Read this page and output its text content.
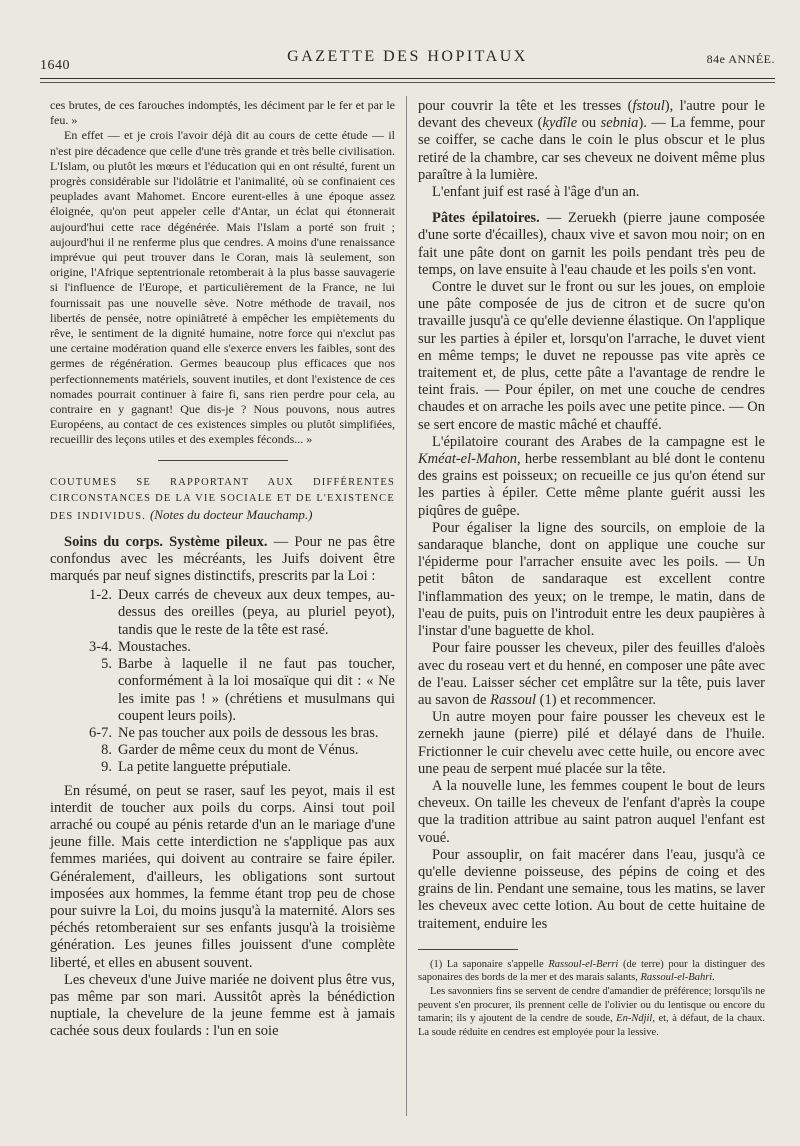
1640
GAZETTE DES HOPITAUX	84e ANNÉE.

ces brutes, de ces farouches indomptés, les déciment par le fer et par le feu. »

En effet — et je crois l'avoir déjà dit au cours de cette étude — il n'est pire décadence que celle d'une très grande et très belle civilisation. L'Islam, ou plutôt les mœurs et l'éducation qui en ont résulté, furent un progrès considérable sur l'idolâtrie et l'animalité, où se confinaient ces peuplades avant Mahomet. Encore eurent-elles à une époque assez éloignée, qu'on peut appeler celle d'Antar, un éclat qui étonnerait aujourd'hui cette race dégénérée. Mais l'Islam a porté son fruit ; aujourd'hui il ne renferme plus que cendres. A moins d'une renaissance imprévue qui peut trouver dans le Coran, mais là seulement, son origine, l'Afrique septentrionale retomberait à la plus basse sauvagerie si l'influence de l'Europe, et particulièrement de la France, ne lui fournissait pas une nouvelle sève. Notre méthode de travail, nos libertés de pensée, notre opiniâtreté à empêcher les empiètements du rêve, le sentiment de la dignité humaine, notre force qui n'exclut pas une certaine modération quand elle s'exerce envers les faibles, sont des germes de régénération. Germes beaucoup plus efficaces que nos perfectionnements matériels, souvent inutiles, et dont l'existence de ces nomades pourrait continuer à faire fi, sans rien perdre pour cela, au contraire en y gagnant! Que dis-je ? Nous pouvons, nous autres Européens, au contact de ces existences simples ou plutôt simplifiées, recueillir des leçons utiles et des exemples féconds... »

COUTUMES SE RAPPORTANT AUX DIFFÉRENTES CIRCONSTANCES DE LA VIE SOCIALE ET DE L'EXISTENCE DES INDIVIDUS. (Notes du docteur Mauchamp.)

Soins du corps. Système pileux. — Pour ne pas être confondus avec les mécréants, les Juifs doivent être marqués par neuf signes distinctifs, prescrits par la Loi :

1-2. Deux carrés de cheveux aux deux tempes, au-dessus des oreilles (peya, au pluriel peyot), tandis que le reste de la tête est rasé.
3-4. Moustaches.
5. Barbe à laquelle il ne faut pas toucher, conformément à la loi mosaïque qui dit : « Ne les imite pas ! » (chrétiens et musulmans qui coupent leurs poils).
6-7. Ne pas toucher aux poils de dessous les bras.
8. Garder de même ceux du mont de Vénus.
9. La petite languette préputiale.

En résumé, on peut se raser, sauf les peyot, mais il est interdit de toucher aux poils du corps. Ainsi tout poil arraché ou coupé au pénis retarde d'un an le mariage d'une jeune fille. Mais cette interdiction ne s'applique pas aux femmes mariées, qui doivent au contraire se faire épiler. Généralement, d'ailleurs, les obligations sont surtout imposées aux hommes, la femme étant trop peu de chose pour suivre la Loi, du moins jusqu'à la maternité. Alors ses péchés retomberaient sur ses enfants jusqu'à la troisième génération. Les jeunes filles jouissent d'une complète liberté, et elles en abusent souvent.

Les cheveux d'une Juive mariée ne doivent plus être vus, pas même par son mari. Aussitôt après la bénédiction nuptiale, la chevelure de la jeune femme est à jamais cachée sous deux foulards : l'un en soie

pour couvrir la tête et les tresses (fstoul), l'autre pour le devant des cheveux (kydîle ou sebnia). — La femme, pour se coiffer, se cache dans le coin le plus obscur et le plus retiré de la chambre, car ses cheveux ne doivent même plus paraître à la lumière.

L'enfant juif est rasé à l'âge d'un an.

Pâtes épilatoires. — Zeruekh (pierre jaune composée d'une sorte d'écailles), chaux vive et savon mou noir; on en fait une pâte dont on garnit les poils pendant très peu de temps, on lave ensuite à l'eau chaude et les poils s'en vont.

Contre le duvet sur le front ou sur les joues, on emploie une pâte composée de jus de citron et de sucre qu'on travaille jusqu'à ce qu'elle devienne élastique. On l'applique sur les parties à épiler et, lorsqu'on l'arrache, le duvet vient en même temps; le duvet ne repousse pas vite après ce traitement et, de plus, cette pâte a l'avantage de rendre le teint frais. — Pour épiler, on met une couche de cendres chaudes et on arrache les poils avec une petite pince. — On se sert encore de mastic mâché et chauffé.

L'épilatoire courant des Arabes de la campagne est le Kméat-el-Mahon, herbe ressemblant au blé dont le contenu des grains est poisseux; on recueille ce jus qu'on étend sur les parties à épiler. Cette même plante guérit aussi les piqûres de guêpe.

Pour égaliser la ligne des sourcils, on emploie de la sandaraque blanche, dont on applique une couche sur l'épiderme pour l'arracher ensuite avec les poils. — Un petit bâton de sandaraque est excellent contre l'inflammation des yeux; on le trempe, le matin, dans de l'eau de puits, puis on l'introduit entre les deux paupières à l'instar d'une baguette de khol.

Pour faire pousser les cheveux, piler des feuilles d'aloès avec du roseau vert et du henné, en composer une pâte avec de l'eau. Laisser sécher cet emplâtre sur la tête, puis laver au savon de Rassoul (1) et recommencer.

Un autre moyen pour faire pousser les cheveux est le zernekh jaune (pierre) pilé et délayé dans de l'huile. Frictionner le cuir chevelu avec cette huile, ou encore avec une peau de serpent mué placée sur la tête.

A la nouvelle lune, les femmes coupent le bout de leurs cheveux. On taille les cheveux de l'enfant d'après la coupe que la tradition attribue au saint patron auquel l'enfant est voué.

Pour assouplir, on fait macérer dans l'eau, jusqu'à ce qu'elle devienne poisseuse, des pépins de coing et des grains de lin. Pendant une semaine, tous les matins, se laver les cheveux avec cette lotion. Au bout de cette huitaine de traitement, enduire les

(1) La saponaire s'appelle Rassoul-el-Berri (de terre) pour la distinguer des saponaires des bords de la mer et des marais salants, Rassoul-el-Bahri.

Les savonniers fins se servent de cendre d'amandier de préférence; lorsqu'ils ne peuvent s'en procurer, ils prennent celle de l'olivier ou du lentisque ou encore du tamarin; ils y ajoutent de la cendre de soude, En-Ndjil, et, à défaut, de la chaux. La soude réduite en cendres est employée pour la lessive.
